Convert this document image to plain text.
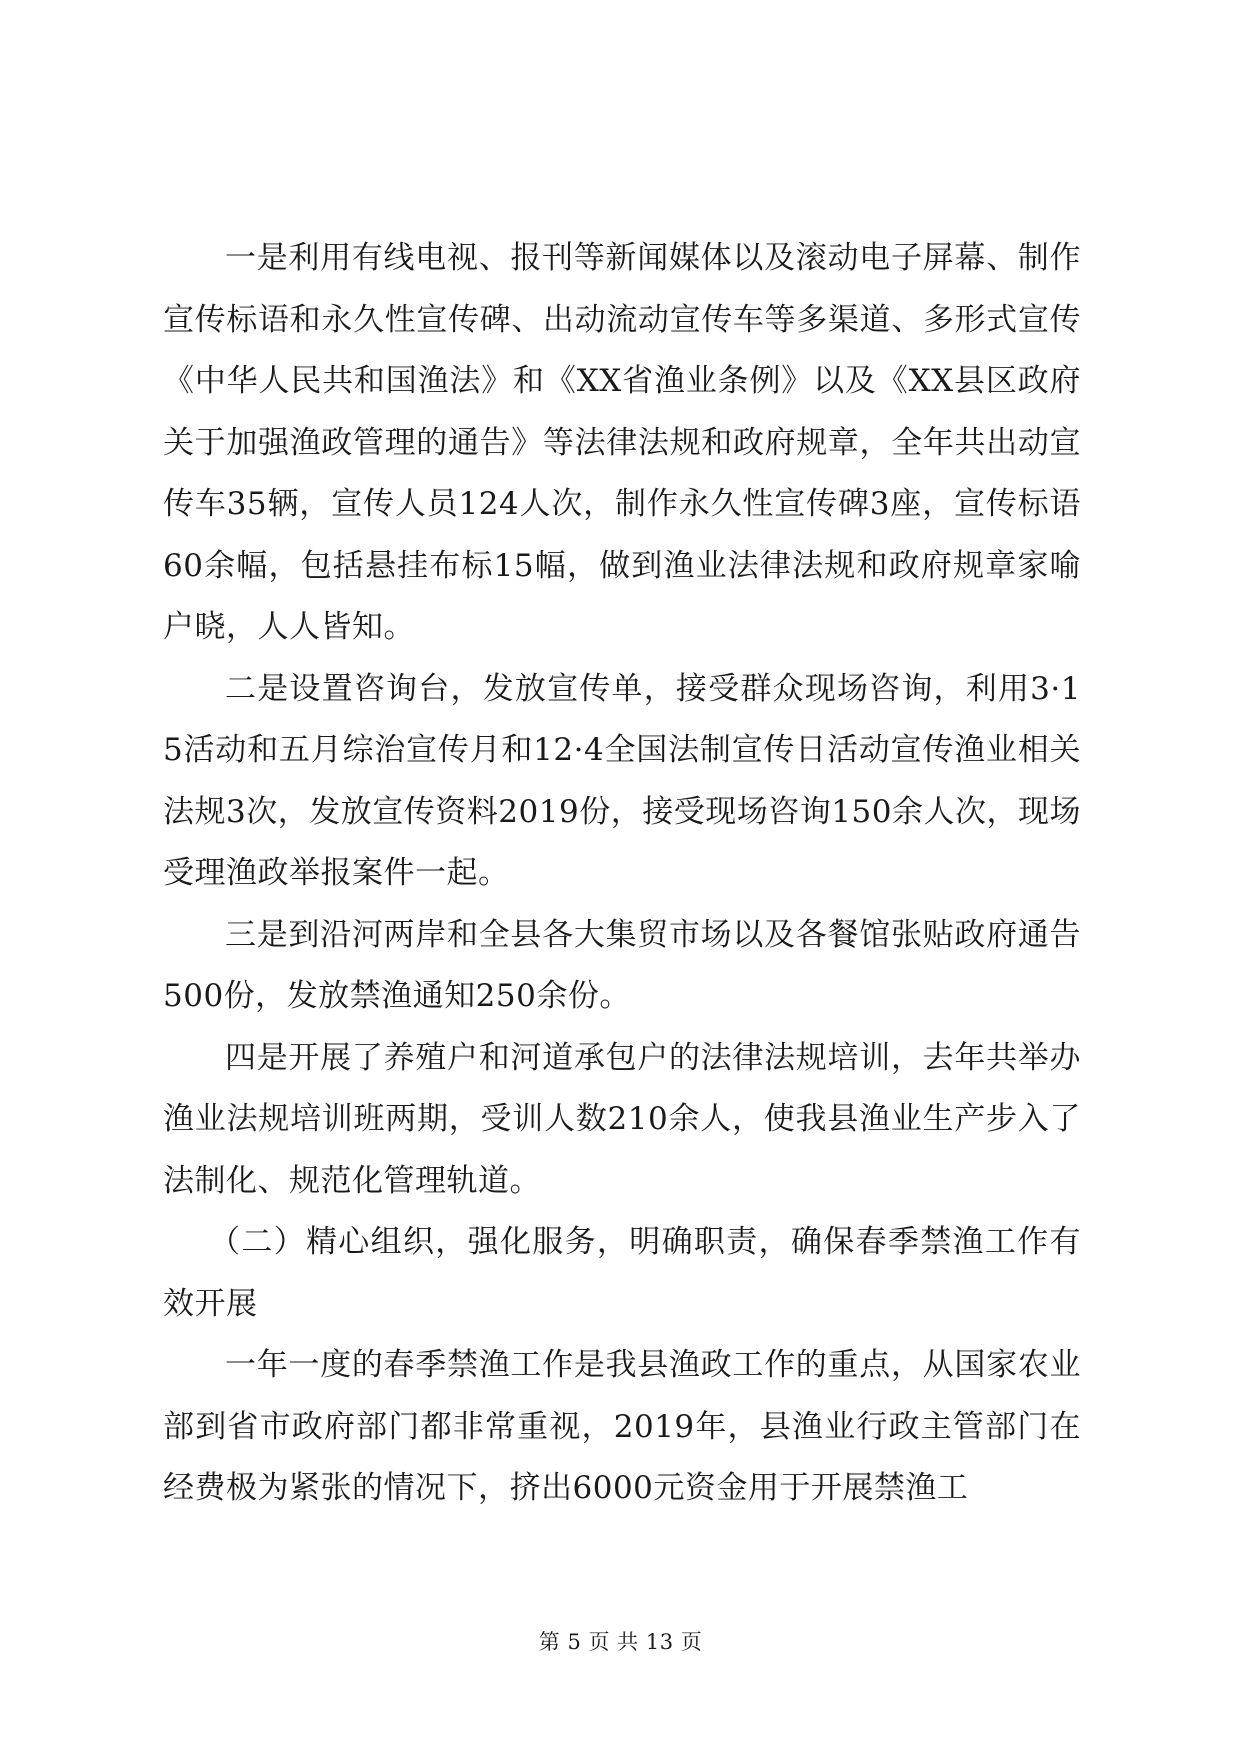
一是利用有线电视、报刊等新闻媒体以及滚动电子屏幕、制作宣传标语和永久性宣传碑、出动流动宣传车等多渠道、多形式宣传《中华人民共和国渔法》和《XX省渔业条例》以及《XX县区政府关于加强渔政管理的通告》等法律法规和政府规章，全年共出动宣传车35辆，宣传人员124人次，制作永久性宣传碑3座，宣传标语60余幅，包括悬挂布标15幅，做到渔业法律法规和政府规章家喻户晓，人人皆知。

二是设置咨询台，发放宣传单，接受群众现场咨询，利用3·15活动和五月综治宣传月和12·4全国法制宣传日活动宣传渔业相关法规3次，发放宣传资料2019份，接受现场咨询150余人次，现场受理渔政举报案件一起。

三是到沿河两岸和全县各大集贸市场以及各餐馆张贴政府通告500份，发放禁渔通知250余份。

四是开展了养殖户和河道承包户的法律法规培训，去年共举办渔业法规培训班两期，受训人数210余人，使我县渔业生产步入了法制化、规范化管理轨道。

（二）精心组织，强化服务，明确职责，确保春季禁渔工作有效开展

一年一度的春季禁渔工作是我县渔政工作的重点，从国家农业部到省市政府部门都非常重视，2019年，县渔业行政主管部门在经费极为紧张的情况下，挤出6000元资金用于开展禁渔工

第 5 页 共 13 页
